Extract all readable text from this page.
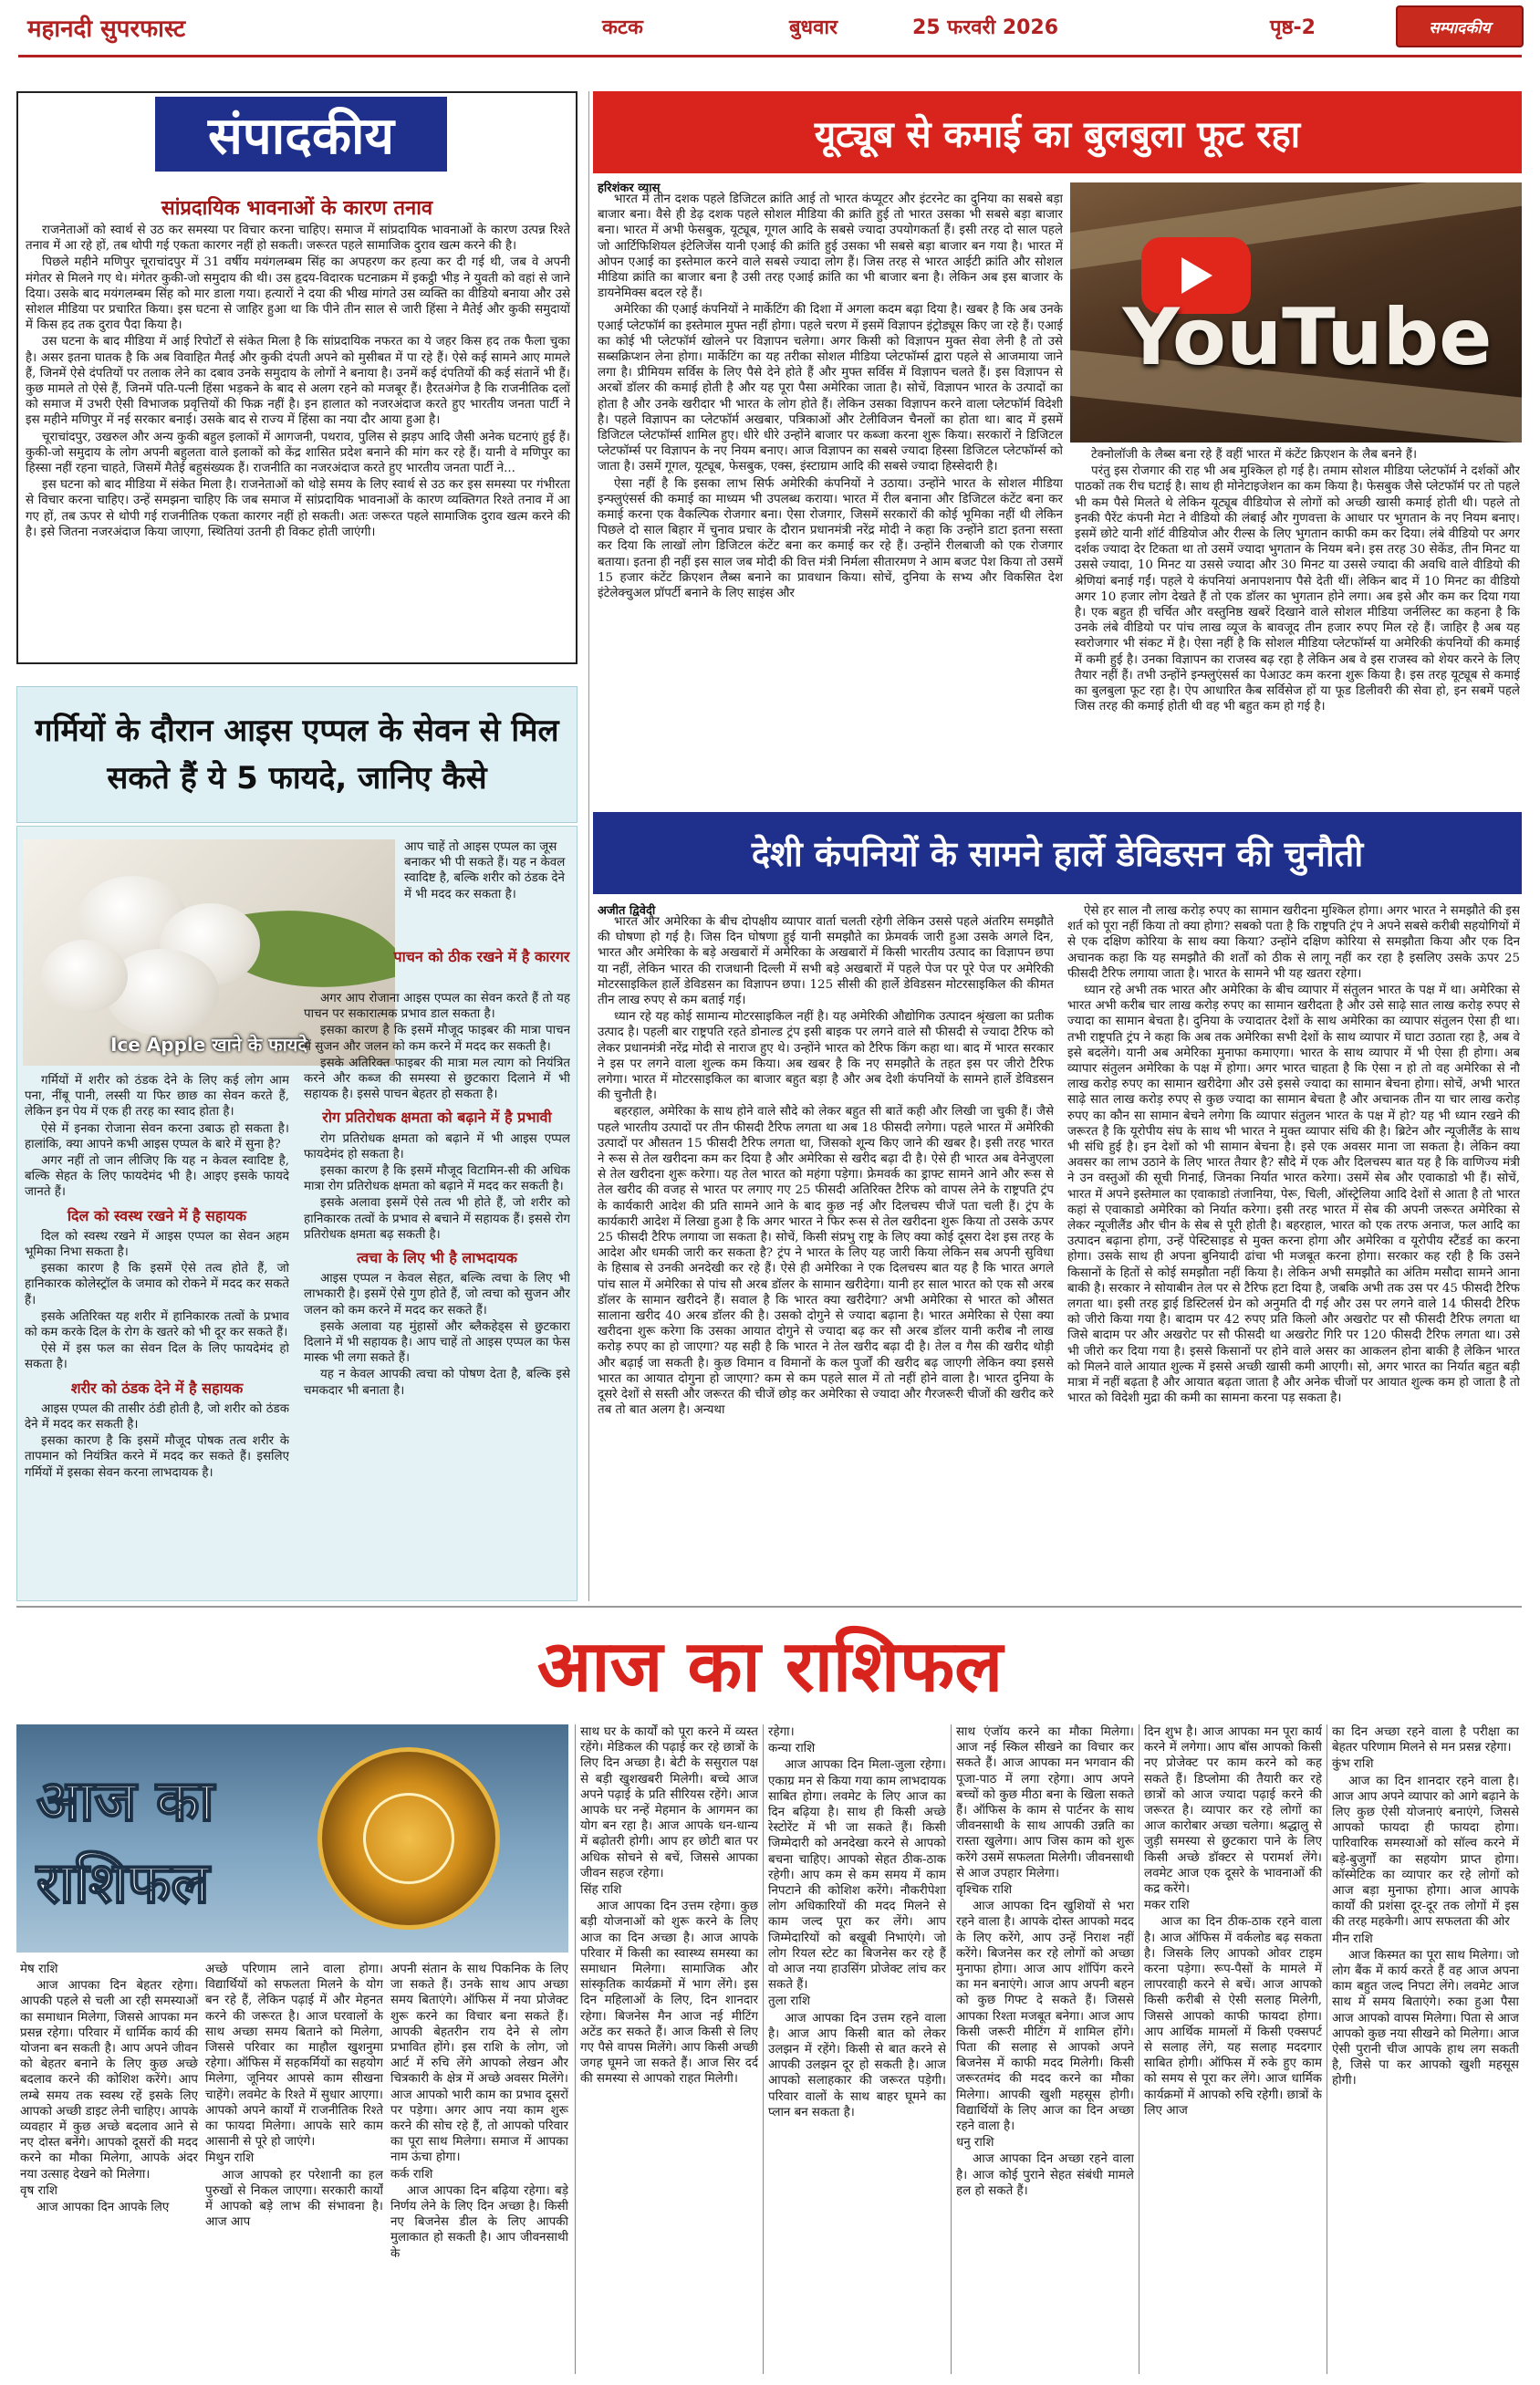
महानदी सुपरफास्ट	कटक	बुधवार	25 फरवरी 2026	पृष्ठ-2	सम्पादकीय
संपादकीय
सांप्रदायिक भावनाओं के कारण तनाव

राजनेताओं को स्वार्थ से उठ कर समस्या पर विचार करना चाहिए। समाज में सांप्रदायिक भावनाओं के कारण उत्पन्न रिश्ते तनाव में आ रहे हों, तब थोपी गई एकता कारगर नहीं हो सकती। जरूरत पहले सामाजिक दुराव खत्म करने की है।

पिछले महीने मणिपुर चूराचांदपुर में 31 वर्षीय मयंगलम्बम सिंह का अपहरण कर हत्या कर दी गई थी, जब वे अपनी मंगेतर से मिलने गए थे। मंगेतर कुकी-जो समुदाय की थी। उस हृदय-विदारक घटनाक्रम में इकट्ठी भीड़ ने युवती को वहां से जाने दिया। उसके बाद मयंगलम्बम सिंह को मार डाला गया। हत्यारों ने दया की भीख मांगते उस व्यक्ति का वीडियो बनाया और उसे सोशल मीडिया पर प्रचारित किया। इस घटना से जाहिर हुआ था कि पीने तीन साल से जारी हिंसा ने मैतेई और कुकी समुदायों में किस हद तक दुराव पैदा किया है।

उस घटना के बाद मीडिया में आई रिपोर्टों से संकेत मिला है कि सांप्रदायिक नफरत का ये जहर किस हद तक फैला चुका है। असर इतना घातक है कि अब विवाहित मैतई और कुकी दंपती अपने को मुसीबत में पा रहे हैं। ऐसे कई सामने आए मामले हैं, जिनमें ऐसे दंपतियों पर तलाक लेने का दबाव उनके समुदाय के लोगों ने बनाया है। उनमें कई दंपतियों की कई संतानें भी हैं। कुछ मामले तो ऐसे हैं, जिनमें पति-पत्नी हिंसा भड़कने के बाद से अलग रहने को मजबूर हैं। हैरतअंगेज है कि राजनीतिक दलों को समाज में उभरी ऐसी विभाजक प्रवृत्तियों की फिक्र नहीं है। इन हालात को नजरअंदाज करते हुए भारतीय जनता पार्टी ने इस महीने मणिपुर में नई सरकार बनाई। उसके बाद से राज्य में हिंसा का नया दौर आया हुआ है।

चूराचांदपुर, उखरुल और अन्य कुकी बहुल इलाकों में आगजनी, पथराव, पुलिस से झड़प आदि जैसी अनेक घटनाएं हुई हैं। कुकी-जो समुदाय के लोग अपनी बहुलता वाले इलाकों को केंद्र शासित प्रदेश बनाने की मांग कर रहे हैं। यानी वे मणिपुर का हिस्सा नहीं रहना चाहते, जिसमें मैतेई बहुसंख्यक हैं। राजनीति का नजरअंदाज करते हुए भारतीय जनता पार्टी ने...

इस घटना को बाद मीडिया में संकेत मिला है। राजनेताओं को थोड़े समय के लिए स्वार्थ से उठ कर इस समस्या पर गंभीरता से विचार करना चाहिए। उन्हें समझना चाहिए कि जब समाज में सांप्रदायिक भावनाओं के कारण व्यक्तिगत रिश्ते तनाव में आ गए हों, तब ऊपर से थोपी गई राजनीतिक एकता कारगर नहीं हो सकती। अतः जरूरत पहले सामाजिक दुराव खत्म करने की है। इसे जितना नजरअंदाज किया जाएगा, स्थितियां उतनी ही विकट होती जाएंगी।

गर्मियों के दौरान आइस एप्पल के सेवन से मिल सकते हैं ये 5 फायदे, जानिए कैसे
Ice Apple खाने के फायदे
आप चाहें तो आइस एप्पल का जूस बनाकर भी पी सकते हैं। यह न केवल स्वादिष्ट है, बल्कि शरीर को ठंडक देने में भी मदद कर सकता है।
पाचन को ठीक रखने में है कारगर

गर्मियों में शरीर को ठंडक देने के लिए कई लोग आम पना, नींबू पानी, लस्सी या फिर छाछ का सेवन करते हैं, लेकिन इन पेय में एक ही तरह का स्वाद होता है।

ऐसे में इनका रोजाना सेवन करना उबाऊ हो सकता है। हालांकि, क्या आपने कभी आइस एप्पल के बारे में सुना है?

अगर नहीं तो जान लीजिए कि यह न केवल स्वादिष्ट है, बल्कि सेहत के लिए फायदेमंद भी है। आइए इसके फायदे जानते हैं।

दिल को स्वस्थ रखने में है सहायक

दिल को स्वस्थ रखने में आइस एप्पल का सेवन अहम भूमिका निभा सकता है।

इसका कारण है कि इसमें ऐसे तत्व होते हैं, जो हानिकारक कोलेस्ट्रॉल के जमाव को रोकने में मदद कर सकते हैं।

इसके अतिरिक्त यह शरीर में हानिकारक तत्वों के प्रभाव को कम करके दिल के रोग के खतरे को भी दूर कर सकते हैं।

ऐसे में इस फल का सेवन दिल के लिए फायदेमंद हो सकता है।

शरीर को ठंडक देने में है सहायक

आइस एप्पल की तासीर ठंडी होती है, जो शरीर को ठंडक देने में मदद कर सकती है।

इसका कारण है कि इसमें मौजूद पोषक तत्व शरीर के तापमान को नियंत्रित करने में मदद कर सकते हैं। इसलिए गर्मियों में इसका सेवन करना लाभदायक है।

अगर आप रोजाना आइस एप्पल का सेवन करते हैं तो यह पाचन पर सकारात्मक प्रभाव डाल सकता है।

इसका कारण है कि इसमें मौजूद फाइबर की मात्रा पाचन में सुजन और जलन को कम करने में मदद कर सकती है।

इसके अतिरिक्त फाइबर की मात्रा मल त्याग को नियंत्रित करने और कब्ज की समस्या से छुटकारा दिलाने में भी सहायक है। इससे पाचन बेहतर हो सकता है।

रोग प्रतिरोधक क्षमता को बढ़ाने में है प्रभावी

रोग प्रतिरोधक क्षमता को बढ़ाने में भी आइस एप्पल फायदेमंद हो सकता है।

इसका कारण है कि इसमें मौजूद विटामिन-सी की अधिक मात्रा रोग प्रतिरोधक क्षमता को बढ़ाने में मदद कर सकती है।

इसके अलावा इसमें ऐसे तत्व भी होते हैं, जो शरीर को हानिकारक तत्वों के प्रभाव से बचाने में सहायक हैं। इससे रोग प्रतिरोधक क्षमता बढ़ सकती है।

त्वचा के लिए भी है लाभदायक

आइस एप्पल न केवल सेहत, बल्कि त्वचा के लिए भी लाभकारी है। इसमें ऐसे गुण होते हैं, जो त्वचा को सुजन और जलन को कम करने में मदद कर सकते हैं।

इसके अलावा यह मुंहासों और ब्लैकहेड्स से छुटकारा दिलाने में भी सहायक है। आप चाहें तो आइस एप्पल का फेस मास्क भी लगा सकते हैं।

यह न केवल आपकी त्वचा को पोषण देता है, बल्कि इसे चमकदार भी बनाता है।

यूट्यूब से कमाई का बुलबुला फूट रहा
हरिशंकर व्यास

भारत में तीन दशक पहले डिजिटल क्रांति आई तो भारत कंप्यूटर और इंटरनेट का दुनिया का सबसे बड़ा बाजार बना। वैसे ही डेढ़ दशक पहले सोशल मीडिया की क्रांति हुई तो भारत उसका भी सबसे बड़ा बाजार बना। भारत में अभी फेसबुक, यूट्यूब, गूगल आदि के सबसे ज्यादा उपयोगकर्ता हैं। इसी तरह दो साल पहले जो आर्टिफिशियल इंटेलिजेंस यानी एआई की क्रांति हुई उसका भी सबसे बड़ा बाजार बन गया है। भारत में ओपन एआई का इस्तेमाल करने वाले सबसे ज्यादा लोग हैं। जिस तरह से भारत आईटी क्रांति और सोशल मीडिया क्रांति का बाजार बना है उसी तरह एआई क्रांति का भी बाजार बना है। लेकिन अब इस बाजार के डायनेमिक्स बदल रहे हैं।

अमेरिका की एआई कंपनियों ने मार्केटिंग की दिशा में अगला कदम बढ़ा दिया है। खबर है कि अब उनके एआई प्लेटफॉर्म का इस्तेमाल मुफ्त नहीं होगा। पहले चरण में इसमें विज्ञापन इंट्रोड्यूस किए जा रहे हैं। एआई का कोई भी प्लेटफॉर्म खोलने पर विज्ञापन चलेगा। अगर किसी को विज्ञापन मुक्त सेवा लेनी है तो उसे सब्सक्रिप्शन लेना होगा। मार्केटिंग का यह तरीका सोशल मीडिया प्लेटफॉर्म्स द्वारा पहले से आजमाया जाने लगा है। प्रीमियम सर्विस के लिए पैसे देने होते हैं और मुफ्त सर्विस में विज्ञापन चलते हैं। इस विज्ञापन से अरबों डॉलर की कमाई होती है और यह पूरा पैसा अमेरिका जाता है। सोचें, विज्ञापन भारत के उत्पादों का होता है और उनके खरीदार भी भारत के लोग होते हैं। लेकिन उसका विज्ञापन करने वाला प्लेटफॉर्म विदेशी है। पहले विज्ञापन का प्लेटफॉर्म अखबार, पत्रिकाओं और टेलीविजन चैनलों का होता था। बाद में इसमें डिजिटल प्लेटफॉर्म्स शामिल हुए। धीरे धीरे उन्होंने बाजार पर कब्जा करना शुरू किया। सरकारों ने डिजिटल प्लेटफॉर्म्स पर विज्ञापन के नए नियम बनाए। आज विज्ञापन का सबसे ज्यादा हिस्सा डिजिटल प्लेटफॉर्म्स को जाता है। उसमें गूगल, यूट्यूब, फेसबुक, एक्स, इंस्टाग्राम आदि की सबसे ज्यादा हिस्सेदारी है।

ऐसा नहीं है कि इसका लाभ सिर्फ अमेरिकी कंपनियों ने उठाया। उन्होंने भारत के सोशल मीडिया इन्फ्लुएंसर्स की कमाई का माध्यम भी उपलब्ध कराया। भारत में रील बनाना और डिजिटल कंटेंट बना कर कमाई करना एक वैकल्पिक रोजगार बना। ऐसा रोजगार, जिसमें सरकारों की कोई भूमिका नहीं थी लेकिन पिछले दो साल बिहार में चुनाव प्रचार के दौरान प्रधानमंत्री नरेंद्र मोदी ने कहा कि उन्होंने डाटा इतना सस्ता कर दिया कि लाखों लोग डिजिटल कंटेंट बना कर कमाई कर रहे हैं। उन्होंने रीलबाजी को एक रोजगार बताया। इतना ही नहीं इस साल जब मोदी की वित्त मंत्री निर्मला सीतारमण ने आम बजट पेश किया तो उसमें 15 हजार कंटेंट क्रिएशन लैब्स बनाने का प्रावधान किया। सोचें, दुनिया के सभ्य और विकसित देश इंटेलेक्चुअल प्रॉपर्टी बनाने के लिए साइंस और

YouTube

टेक्नोलॉजी के लैब्स बना रहे हैं वहीं भारत में कंटेंट क्रिएशन के लैब बनने हैं।

परंतु इस रोजगार की राह भी अब मुश्किल हो गई है। तमाम सोशल मीडिया प्लेटफॉर्म ने दर्शकों और पाठकों तक रीच घटाई है। साथ ही मोनेटाइजेशन का कम किया है। फेसबुक जैसे प्लेटफॉर्म पर तो पहले भी कम पैसे मिलते थे लेकिन यूट्यूब वीडियोज से लोगों को अच्छी खासी कमाई होती थी। पहले तो इनकी पैरेंट कंपनी मेटा ने वीडियो की लंबाई और गुणवत्ता के आधार पर भुगतान के नए नियम बनाए। इसमें छोटे यानी शॉर्ट वीडियोज और रील्स के लिए भुगतान काफी कम कर दिया। लंबे वीडियो पर अगर दर्शक ज्यादा देर टिकता था तो उसमें ज्यादा भुगतान के नियम बने। इस तरह 30 सेकेंड, तीन मिनट या उससे ज्यादा, 10 मिनट या उससे ज्यादा और 30 मिनट या उससे ज्यादा की अवधि वाले वीडियो की श्रेणियां बनाई गईं। पहले ये कंपनियां अनापशनाप पैसे देती थीं। लेकिन बाद में 10 मिनट का वीडियो अगर 10 हजार लोग देखते हैं तो एक डॉलर का भुगतान होने लगा। अब इसे और कम कर दिया गया है। एक बहुत ही चर्चित और वस्तुनिष्ठ खबरें दिखाने वाले सोशल मीडिया जर्नलिस्ट का कहना है कि उनके लंबे वीडियो पर पांच लाख व्यूज के बावजूद तीन हजार रुपए मिल रहे हैं। जाहिर है अब यह स्वरोजगार भी संकट में है। ऐसा नहीं है कि सोशल मीडिया प्लेटफॉर्म्स या अमेरिकी कंपनियों की कमाई में कमी हुई है। उनका विज्ञापन का राजस्व बढ़ रहा है लेकिन अब वे इस राजस्व को शेयर करने के लिए तैयार नहीं हैं। तभी उन्होंने इन्फ्लुएंसर्स का पेआउट कम करना शुरू किया है। इस तरह यूट्यूब से कमाई का बुलबुला फूट रहा है। ऐप आधारित कैब सर्विसेज हों या फूड डिलीवरी की सेवा हो, इन सबमें पहले जिस तरह की कमाई होती थी वह भी बहुत कम हो गई है।

देशी कंपनियों के सामने हार्ले डेविडसन की चुनौती
अजीत द्विवेदी

भारत और अमेरिका के बीच दोपक्षीय व्यापार वार्ता चलती रहेगी लेकिन उससे पहले अंतरिम समझौते की घोषणा हो गई है। जिस दिन घोषणा हुई यानी समझौते का फ्रेमवर्क जारी हुआ उसके अगले दिन, भारत और अमेरिका के बड़े अखबारों में अमेरिका के अखबारों में किसी भारतीय उत्पाद का विज्ञापन छपा या नहीं, लेकिन भारत की राजधानी दिल्ली में सभी बड़े अखबारों में पहले पेज पर पूरे पेज पर अमेरिकी मोटरसाइकिल हार्ले डेविडसन का विज्ञापन छपा। 125 सीसी की हार्ले डेविडसन मोटरसाइकिल की कीमत तीन लाख रुपए से कम बताई गई।

ध्यान रहे यह कोई सामान्य मोटरसाइकिल नहीं है। यह अमेरिकी औद्योगिक उत्पादन श्रृंखला का प्रतीक उत्पाद है। पहली बार राष्ट्रपति रहते डोनाल्ड ट्रंप इसी बाइक पर लगने वाले सौ फीसदी से ज्यादा टैरिफ को लेकर प्रधानमंत्री नरेंद्र मोदी से नाराज हुए थे। उन्होंने भारत को टैरिफ किंग कहा था। बाद में भारत सरकार ने इस पर लगने वाला शुल्क कम किया। अब खबर है कि नए समझौते के तहत इस पर जीरो टैरिफ लगेगा। भारत में मोटरसाइकिल का बाजार बहुत बड़ा है और अब देशी कंपनियों के सामने हार्ले डेविडसन की चुनौती है।

बहरहाल, अमेरिका के साथ होने वाले सौदे को लेकर बहुत सी बातें कही और लिखी जा चुकी हैं। जैसे पहले भारतीय उत्पादों पर तीन फीसदी टैरिफ लगता था अब 18 फीसदी लगेगा। पहले भारत में अमेरिकी उत्पादों पर औसतन 15 फीसदी टैरिफ लगता था, जिसको शून्य किए जाने की खबर है। इसी तरह भारत ने रूस से तेल खरीदना कम कर दिया है और अमेरिका से खरीद बढ़ा दी है। ऐसे ही भारत अब वेनेजुएला से तेल खरीदना शुरू करेगा। यह तेल भारत को महंगा पड़ेगा। फ्रेमवर्क का ड्राफ्ट सामने आने और रूस से तेल खरीद की वजह से भारत पर लगाए गए 25 फीसदी अतिरिक्त टैरिफ को वापस लेने के राष्ट्रपति ट्रंप के कार्यकारी आदेश की प्रति सामने आने के बाद कुछ नई और दिलचस्प चीजें पता चली हैं। ट्रंप के कार्यकारी आदेश में लिखा हुआ है कि अगर भारत ने फिर रूस से तेल खरीदना शुरू किया तो उसके ऊपर 25 फीसदी टैरिफ लगाया जा सकता है। सोचें, किसी संप्रभु राष्ट्र के लिए क्या कोई दूसरा देश इस तरह के आदेश और धमकी जारी कर सकता है? ट्रंप ने भारत के लिए यह जारी किया लेकिन सब अपनी सुविधा के हिसाब से उनकी अनदेखी कर रहे हैं। ऐसे ही अमेरिका ने एक दिलचस्प बात यह है कि भारत अगले पांच साल में अमेरिका से पांच सौ अरब डॉलर के सामान खरीदेगा। यानी हर साल भारत को एक सौ अरब डॉलर के सामान खरीदने हैं। सवाल है कि भारत क्या खरीदेगा? अभी अमेरिका से भारत को औसत सालाना खरीद 40 अरब डॉलर की है। उसको दोगुने से ज्यादा बढ़ाना है। भारत अमेरिका से ऐसा क्या खरीदना शुरू करेगा कि उसका आयात दोगुने से ज्यादा बढ़ कर सौ अरब डॉलर यानी करीब नौ लाख करोड़ रुपए का हो जाएगा? यह सही है कि भारत ने तेल खरीद बढ़ा दी है। तेल व गैस की खरीद थोड़ी और बढ़ाई जा सकती है। कुछ विमान व विमानों के कल पुर्जों की खरीद बढ़ जाएगी लेकिन क्या इससे भारत का आयात दोगुना हो जाएगा? कम से कम पहले साल में तो नहीं होने वाला है। भारत दुनिया के दूसरे देशों से सस्ती और जरूरत की चीजें छोड़ कर अमेरिका से ज्यादा और गैरजरूरी चीजों की खरीद करे तब तो बात अलग है। अन्यथा

ऐसे हर साल नौ लाख करोड़ रुपए का सामान खरीदना मुश्किल होगा। अगर भारत ने समझौते की इस शर्त को पूरा नहीं किया तो क्या होगा? सबको पता है कि राष्ट्रपति ट्रंप ने अपने सबसे करीबी सहयोगियों में से एक दक्षिण कोरिया के साथ क्या किया? उन्होंने दक्षिण कोरिया से समझौता किया और एक दिन अचानक कहा कि यह समझौते की शर्तों को ठीक से लागू नहीं कर रहा है इसलिए उसके ऊपर 25 फीसदी टैरिफ लगाया जाता है। भारत के सामने भी यह खतरा रहेगा।

ध्यान रहे अभी तक भारत और अमेरिका के बीच व्यापार में संतुलन भारत के पक्ष में था। अमेरिका से भारत अभी करीब चार लाख करोड़ रुपए का सामान खरीदता है और उसे साढ़े सात लाख करोड़ रुपए से ज्यादा का सामान बेचता है। दुनिया के ज्यादातर देशों के साथ अमेरिका का व्यापार संतुलन ऐसा ही था। तभी राष्ट्रपति ट्रंप ने कहा कि अब तक अमेरिका सभी देशों के साथ व्यापार में घाटा उठाता रहा है, अब वे इसे बदलेंगे। यानी अब अमेरिका मुनाफा कमाएगा। भारत के साथ व्यापार में भी ऐसा ही होगा। अब व्यापार संतुलन अमेरिका के पक्ष में होगा। अगर भारत चाहता है कि ऐसा न हो तो वह अमेरिका से नौ लाख करोड़ रुपए का सामान खरीदेगा और उसे इससे ज्यादा का सामान बेचना होगा। सोचें, अभी भारत साढ़े सात लाख करोड़ रुपए से कुछ ज्यादा का सामान बेचता है और अचानक तीन या चार लाख करोड़ रुपए का कौन सा सामान बेचने लगेगा कि व्यापार संतुलन भारत के पक्ष में हो? यह भी ध्यान रखने की जरूरत है कि यूरोपीय संघ के साथ भी भारत ने मुक्त व्यापार संधि की है। ब्रिटेन और न्यूजीलैंड के साथ भी संधि हुई है। इन देशों को भी सामान बेचना है। इसे एक अवसर माना जा सकता है। लेकिन क्या अवसर का लाभ उठाने के लिए भारत तैयार है? सौदे में एक और दिलचस्प बात यह है कि वाणिज्य मंत्री ने उन वस्तुओं की सूची गिनाई, जिनका निर्यात भारत करेगा। उसमें सेब और एवाकाडो भी हैं। सोचें, भारत में अपने इस्तेमाल का एवाकाडो तंजानिया, पेरू, चिली, ऑस्ट्रेलिया आदि देशों से आता है तो भारत कहां से एवाकाडो अमेरिका को निर्यात करेगा। इसी तरह भारत में सेब की अपनी जरूरत अमेरिका से लेकर न्यूजीलैंड और चीन के सेब से पूरी होती है। बहरहाल, भारत को एक तरफ अनाज, फल आदि का उत्पादन बढ़ाना होगा, उन्हें पेस्टिसाइड से मुक्त करना होगा और अमेरिका व यूरोपीय स्टैंडर्ड का करना होगा। उसके साथ ही अपना बुनियादी ढांचा भी मजबूत करना होगा। सरकार कह रही है कि उसने किसानों के हितों से कोई समझौता नहीं किया है। लेकिन अभी समझौते का अंतिम मसौदा सामने आना बाकी है। सरकार ने सोयाबीन तेल पर से टैरिफ हटा दिया है, जबकि अभी तक उस पर 45 फीसदी टैरिफ लगता था। इसी तरह ड्राई डिस्टिलर्स ग्रेन को अनुमति दी गई और उस पर लगने वाले 14 फीसदी टैरिफ को जीरो किया गया है। बादाम पर 42 रुपए प्रति किलो और अखरोट पर सौ फीसदी टैरिफ लगता था जिसे बादाम पर और अखरोट पर सौ फीसदी था अखरोट गिरि पर 120 फीसदी टैरिफ लगता था। उसे भी जीरो कर दिया गया है। इससे किसानों पर होने वाले असर का आकलन होना बाकी है लेकिन भारत को मिलने वाले आयात शुल्क में इससे अच्छी खासी कमी आएगी। सो, अगर भारत का निर्यात बहुत बड़ी मात्रा में नहीं बढ़ता है और आयात बढ़ता जाता है और अनेक चीजों पर आयात शुल्क कम हो जाता है तो भारत को विदेशी मुद्रा की कमी का सामना करना पड़ सकता है।

आज का राशिफल
आज का
राशिफल

मेष राशि

आज आपका दिन बेहतर रहेगा। आपकी पहले से चली आ रही समस्याओं का समाधान मिलेगा, जिससे आपका मन प्रसन्न रहेगा। परिवार में धार्मिक कार्य की योजना बन सकती है। आप अपने जीवन को बेहतर बनाने के लिए कुछ अच्छे बदलाव करने की कोशिश करेंगे। आप लम्बे समय तक स्वस्थ रहें इसके लिए आपको अच्छी डाइट लेनी चाहिए। आपके व्यवहार में कुछ अच्छे बदलाव आने से नए दोस्त बनेंगे। आपको दूसरों की मदद करने का मौका मिलेगा, आपके अंदर नया उत्साह देखने को मिलेगा।

वृष राशि

आज आपका दिन आपके लिए

अच्छे परिणाम लाने वाला होगा। विद्यार्थियों को सफलता मिलने के योग बन रहे हैं, लेकिन पढ़ाई में और मेहनत करने की जरूरत है। आज घरवालों के साथ अच्छा समय बिताने को मिलेगा, जिससे परिवार का माहौल खुशनुमा रहेगा। ऑफिस में सहकर्मियों का सहयोग मिलेगा, जूनियर आपसे काम सीखना चाहेंगे। लवमेट के रिश्ते में सुधार आएगा। आपको अपने कार्यों में राजनीतिक रिश्ते का फायदा मिलेगा। आपके सारे काम आसानी से पूरे हो जाएंगे।

मिथुन राशि

आज आपको हर परेशानी का हल पुरुखों से निकल जाएगा। सरकारी कार्यों में आपको बड़े लाभ की संभावना है। आज आप

अपनी संतान के साथ पिकनिक के लिए जा सकते हैं। उनके साथ आप अच्छा समय बिताएंगे। ऑफिस में नया प्रोजेक्ट शुरू करने का विचार बना सकते हैं। आपकी बेहतरीन राय देने से लोग प्रभावित होंगे। इस राशि के लोग, जो आर्ट में रुचि लेंगे आपको लेखन और चित्रकारी के क्षेत्र में अच्छे अवसर मिलेंगे। आज आपको भारी काम का प्रभाव दूसरों पर पड़ेगा। अगर आप नया काम शुरू करने की सोच रहे हैं, तो आपको परिवार का पूरा साथ मिलेगा। समाज में आपका नाम ऊंचा होगा।

कर्क राशि

आज आपका दिन बढ़िया रहेगा। बड़े निर्णय लेने के लिए दिन अच्छा है। किसी नए बिजनेस डील के लिए आपकी मुलाकात हो सकती है। आप जीवनसाथी के

साथ घर के कार्यों को पूरा करने में व्यस्त रहेंगे। मेडिकल की पढ़ाई कर रहे छात्रों के लिए दिन अच्छा है। बेटी के ससुराल पक्ष से बड़ी खुशखबरी मिलेगी। बच्चे आज अपने पढ़ाई के प्रति सीरियस रहेंगे। आज आपके घर नन्हें मेहमान के आगमन का योग बन रहा है। आज आपके धन-धान्य में बढ़ोतरी होगी। आप हर छोटी बात पर अधिक सोचने से बचें, जिससे आपका जीवन सहज रहेगा।

सिंह राशि

आज आपका दिन उत्तम रहेगा। कुछ बड़ी योजनाओं को शुरू करने के लिए आज का दिन अच्छा है। आज आपके परिवार में किसी का स्वास्थ्य समस्या का समाधान मिलेगा। सामाजिक और सांस्कृतिक कार्यक्रमों में भाग लेंगे। इस दिन महिलाओं के लिए, दिन शानदार रहेगा। बिजनेस मैन आज नई मीटिंग अटेंड कर सकते हैं। आज किसी से लिए गए पैसे वापस मिलेंगे। आप किसी अच्छी जगह घूमने जा सकते हैं। आज सिर दर्द की समस्या से आपको राहत मिलेगी।

रहेगा।

कन्या राशि

आज आपका दिन मिला-जुला रहेगा। एकाग्र मन से किया गया काम लाभदायक साबित होगा। लवमेट के लिए आज का दिन बढ़िया है। साथ ही किसी अच्छे रेस्टोरेंट में भी जा सकते हैं। किसी जिम्मेदारी को अनदेखा करने से आपको बचना चाहिए। आपको सेहत ठीक-ठाक रहेगी। आप कम से कम समय में काम निपटाने की कोशिश करेंगे। नौकरीपेशा लोग अधिकारियों की मदद मिलने से काम जल्द पूरा कर लेंगे। आप जिम्मेदारियों को बखूबी निभाएंगे। जो लोग रियल स्टेट का बिजनेस कर रहे हैं वो आज नया हाउसिंग प्रोजेक्ट लांच कर सकते हैं।

तुला राशि

आज आपका दिन उत्तम रहने वाला है। आज आप किसी बात को लेकर उलझन में रहेंगे। किसी से बात करने से आपकी उलझन दूर हो सकती है। आज आपको सलाहकार की जरूरत पड़ेगी। परिवार वालों के साथ बाहर घूमने का प्लान बन सकता है।

साथ एंजॉय करने का मौका मिलेगा। आज नई स्किल सीखने का विचार कर सकते हैं। आज आपका मन भगवान की पूजा-पाठ में लगा रहेगा। आप अपने बच्चों को कुछ मीठा बना के खिला सकते हैं। ऑफिस के काम से पार्टनर के साथ जीवनसाथी के साथ आपकी उन्नति का रास्ता खुलेगा। आप जिस काम को शुरू करेंगे उसमें सफलता मिलेगी। जीवनसाथी से आज उपहार मिलेगा।

वृश्चिक राशि

आज आपका दिन खुशियों से भरा रहने वाला है। आपके दोस्त आपको मदद के लिए करेंगे, आप उन्हें निराश नहीं करेंगे। बिजनेस कर रहे लोगों को अच्छा मुनाफा होगा। आज आप शॉपिंग करने का मन बनाएंगे। आज आप अपनी बहन को कुछ गिफ्ट दे सकते हैं। जिससे आपका रिश्ता मजबूत बनेगा। आज आप किसी जरूरी मीटिंग में शामिल होंगे। पिता की सलाह से आपको अपने बिजनेस में काफी मदद मिलेगी। किसी जरूरतमंद की मदद करने का मौका मिलेगा। आपकी खुशी महसूस होगी। विद्यार्थियों के लिए आज का दिन अच्छा रहने वाला है।

धनु राशि

आज आपका दिन अच्छा रहने वाला है। आज कोई पुराने सेहत संबंधी मामले हल हो सकते हैं।

दिन शुभ है। आज आपका मन पूरा कार्य करने में लगेगा। आप बॉस आपको किसी नए प्रोजेक्ट पर काम करने को कह सकते हैं। डिप्लोमा की तैयारी कर रहे छात्रों को आज ज्यादा पढ़ाई करने की जरूरत है। व्यापार कर रहे लोगों का आज कारोबार अच्छा चलेगा। श्रद्धालु से जुड़ी समस्या से छुटकारा पाने के लिए किसी अच्छे डॉक्टर से परामर्श लेंगे। लवमेट आज एक दूसरे के भावनाओं की कद्र करेंगे।

मकर राशि

आज का दिन ठीक-ठाक रहने वाला है। आज ऑफिस में वर्कलोड बढ़ सकता है। जिसके लिए आपको ओवर टाइम करना पड़ेगा। रूप-पैसों के मामले में लापरवाही करने से बचें। आज आपको किसी करीबी से ऐसी सलाह मिलेगी, जिससे आपको काफी फायदा होगा। आप आर्थिक मामलों में किसी एक्सपर्ट से सलाह लेंगे, यह सलाह मददगार साबित होगी। ऑफिस में रुके हुए काम को समय से पूरा कर लेंगे। आज धार्मिक कार्यक्रमों में आपको रुचि रहेगी। छात्रों के लिए आज

का दिन अच्छा रहने वाला है परीक्षा का बेहतर परिणाम मिलने से मन प्रसन्न रहेगा।

कुंभ राशि

आज का दिन शानदार रहने वाला है। आज आप अपने व्यापार को आगे बढ़ाने के लिए कुछ ऐसी योजनाएं बनाएंगे, जिससे आपको फायदा ही फायदा होगा। पारिवारिक समस्याओं को सॉल्व करने में बड़े-बुजुर्गों का सहयोग प्राप्त होगा। कॉस्मेटिक का व्यापार कर रहे लोगों को आज बड़ा मुनाफा होगा। आज आपके कार्यों की प्रशंसा दूर-दूर तक लोगों में इस की तरह महकेगी। आप सफलता की ओर

मीन राशि

आज किस्मत का पूरा साथ मिलेगा। जो लोग बैंक में कार्य करते हैं वह आज अपना काम बहुत जल्द निपटा लेंगे। लवमेट आज साथ में समय बिताएंगे। रुका हुआ पैसा आज आपको वापस मिलेगा। पिता से आज आपको कुछ नया सीखने को मिलेगा। आज ऐसी पुरानी चीज आपके हाथ लग सकती है, जिसे पा कर आपको खुशी महसूस होगी।
